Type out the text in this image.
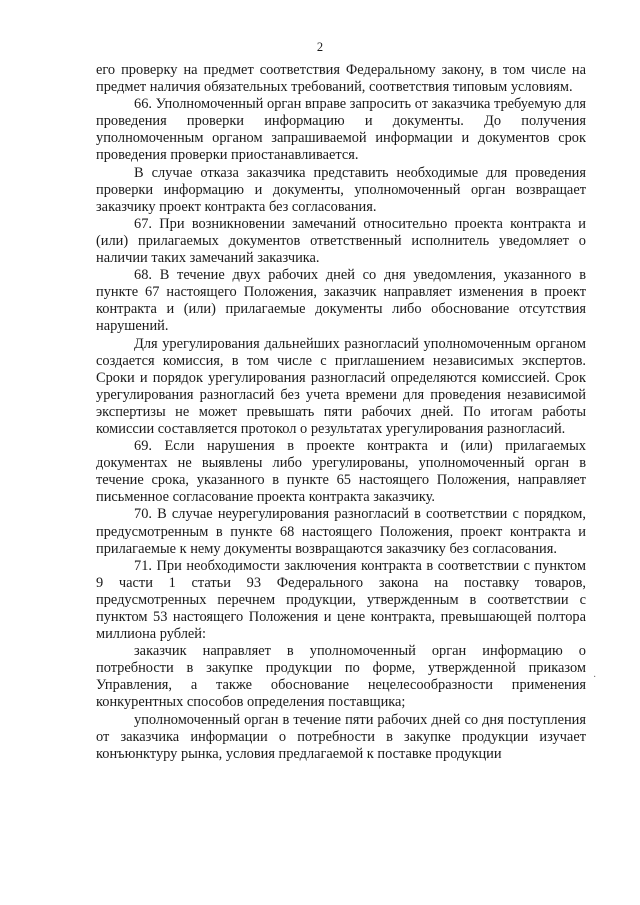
2

его проверку на предмет соответствия Федеральному закону, в том числе на предмет наличия обязательных требований, соответствия типовым условиям.

66. Уполномоченный орган вправе запросить от заказчика требуемую для проведения проверки информацию и документы. До получения уполномоченным органом запрашиваемой информации и документов срок проведения проверки приостанавливается.

В случае отказа заказчика представить необходимые для проведения проверки информацию и документы, уполномоченный орган возвращает заказчику проект контракта без согласования.

67. При возникновении замечаний относительно проекта контракта и (или) прилагаемых документов ответственный исполнитель уведомляет о наличии таких замечаний заказчика.

68. В течение двух рабочих дней со дня уведомления, указанного в пункте 67 настоящего Положения, заказчик направляет изменения в проект контракта и (или) прилагаемые документы либо обоснование отсутствия нарушений.

Для урегулирования дальнейших разногласий уполномоченным органом создается комиссия, в том числе с приглашением независимых экспертов. Сроки и порядок урегулирования разногласий определяются комиссией. Срок урегулирования разногласий без учета времени для проведения независимой экспертизы не может превышать пяти рабочих дней. По итогам работы комиссии составляется протокол о результатах урегулирования разногласий.

69. Если нарушения в проекте контракта и (или) прилагаемых документах не выявлены либо урегулированы, уполномоченный орган в течение срока, указанного в пункте 65 настоящего Положения, направляет письменное согласование проекта контракта заказчику.

70. В случае неурегулирования разногласий в соответствии с порядком, предусмотренным в пункте 68 настоящего Положения, проект контракта и прилагаемые к нему документы возвращаются заказчику без согласования.

71. При необходимости заключения контракта в соответствии с пунктом 9 части 1 статьи 93 Федерального закона на поставку товаров, предусмотренных перечнем продукции, утвержденным в соответствии с пунктом 53 настоящего Положения и цене контракта, превышающей полтора миллиона рублей:

заказчик направляет в уполномоченный орган информацию о потребности в закупке продукции по форме, утвержденной приказом Управления, а также обоснование нецелесообразности применения конкурентных способов определения поставщика;

уполномоченный орган в течение пяти рабочих дней со дня поступления от заказчика информации о потребности в закупке продукции изучает конъюнктуру рынка, условия предлагаемой к поставке продукции

·
